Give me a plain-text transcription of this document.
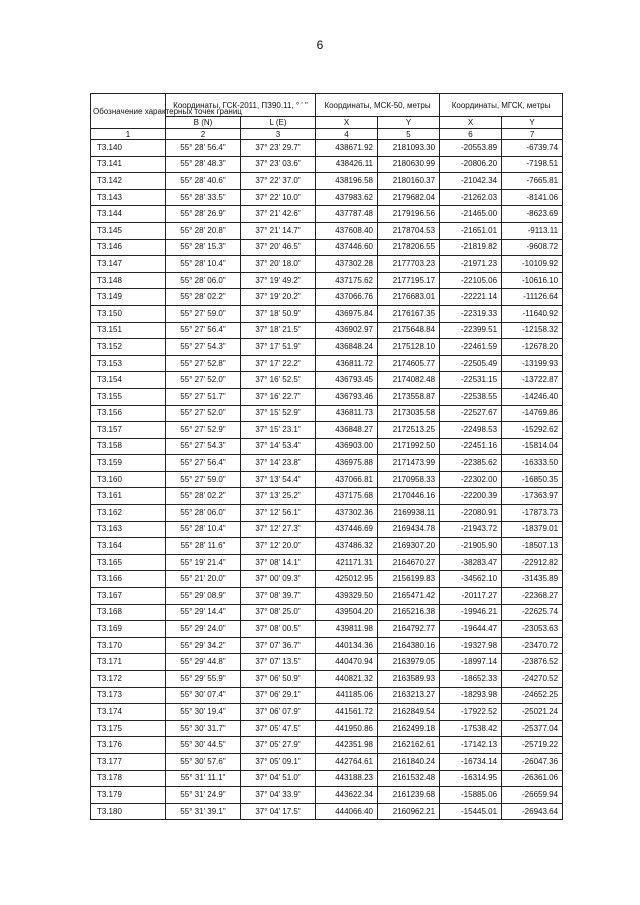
6
Обозначение характерных точек границ	Координаты, ГСК-2011, ПЗ90.11, ° ' "		Координаты, МСК-50, метры		Координаты, МГСК, метры	
	B (N)	L (E)	X	Y	X	Y
1	2	3	4	5	6	7
Т3.140	55° 28' 56.4"	37° 23' 29.7"	438671.92	2181093.30	-20553.89	-6739.74
Т3.141	55° 28' 48.3"	37° 23' 03.6"	438426.11	2180630.99	-20806.20	-7198.51
Т3.142	55° 28' 40.6"	37° 22' 37.0"	438196.58	2180160.37	-21042.34	-7665.81
Т3.143	55° 28' 33.5"	37° 22' 10.0"	437983.62	2179682.04	-21262.03	-8141.06
Т3.144	55° 28' 26.9"	37° 21' 42.6"	437787.48	2179196.56	-21465.00	-8623.69
Т3.145	55° 28' 20.8"	37° 21' 14.7"	437608.40	2178704.53	-21651.01	-9113.11
Т3.146	55° 28' 15.3"	37° 20' 46.5"	437446.60	2178206.55	-21819.82	-9608.72
Т3.147	55° 28' 10.4"	37° 20' 18.0"	437302.28	2177703.23	-21971.23	-10109.92
Т3.148	55° 28' 06.0"	37° 19' 49.2"	437175.62	2177195.17	-22105.06	-10616.10
Т3.149	55° 28' 02.2"	37° 19' 20.2"	437066.76	2176683.01	-22221.14	-11126.64
Т3.150	55° 27' 59.0"	37° 18' 50.9"	436975.84	2176167.35	-22319.33	-11640.92
Т3.151	55° 27' 56.4"	37° 18' 21.5"	436902.97	2175648.84	-22399.51	-12158.32
Т3.152	55° 27' 54.3"	37° 17' 51.9"	436848.24	2175128.10	-22461.59	-12678.20
Т3.153	55° 27' 52.8"	37° 17' 22.2"	436811.72	2174605.77	-22505.49	-13199.93
Т3.154	55° 27' 52.0"	37° 16' 52.5"	436793.45	2174082.48	-22531.15	-13722.87
Т3.155	55° 27' 51.7"	37° 16' 22.7"	436793.46	2173558.87	-22538.55	-14246.40
Т3.156	55° 27' 52.0"	37° 15' 52.9"	436811.73	2173035.58	-22527.67	-14769.86
Т3.157	55° 27' 52.9"	37° 15' 23.1"	436848.27	2172513.25	-22498.53	-15292.62
Т3.158	55° 27' 54.3"	37° 14' 53.4"	436903.00	2171992.50	-22451.16	-15814.04
Т3.159	55° 27' 56.4"	37° 14' 23.8"	436975.88	2171473.99	-22385.62	-16333.50
Т3.160	55° 27' 59.0"	37° 13' 54.4"	437066.81	2170958.33	-22302.00	-16850.35
Т3.161	55° 28' 02.2"	37° 13' 25.2"	437175.68	2170446.16	-22200.39	-17363.97
Т3.162	55° 28' 06.0"	37° 12' 56.1"	437302.36	2169938.11	-22080.91	-17873.73
Т3.163	55° 28' 10.4"	37° 12' 27.3"	437446.69	2169434.78	-21943.72	-18379.01
Т3.164	55° 28' 11.6"	37° 12' 20.0"	437486.32	2169307.20	-21905.90	-18507.13
Т3.165	55° 19' 21.4"	37° 08' 14.1"	421171.31	2164670.27	-38283.47	-22912.82
Т3.166	55° 21' 20.0"	37° 00' 09.3"	425012.95	2156199.83	-34562.10	-31435.89
Т3.167	55° 29' 08.9"	37° 08' 39.7"	439329.50	2165471.42	-20117.27	-22368.27
Т3.168	55° 29' 14.4"	37° 08' 25.0"	439504.20	2165216.38	-19946.21	-22625.74
Т3.169	55° 29' 24.0"	37° 08' 00.5"	439811.98	2164792.77	-19644.47	-23053.63
Т3.170	55° 29' 34.2"	37° 07' 36.7"	440134.36	2164380.16	-19327.98	-23470.72
Т3.171	55° 29' 44.8"	37° 07' 13.5"	440470.94	2163979.05	-18997.14	-23876.52
Т3.172	55° 29' 55.9"	37° 06' 50.9"	440821.32	2163589.93	-18652.33	-24270.52
Т3.173	55° 30' 07.4"	37° 06' 29.1"	441185.06	2163213.27	-18293.98	-24652.25
Т3.174	55° 30' 19.4"	37° 06' 07.9"	441561.72	2162849.54	-17922.52	-25021.24
Т3.175	55° 30' 31.7"	37° 05' 47.5"	441950.86	2162499.18	-17538.42	-25377.04
Т3.176	55° 30' 44.5"	37° 05' 27.9"	442351.98	2162162.61	-17142.13	-25719.22
Т3.177	55° 30' 57.6"	37° 05' 09.1"	442764.61	2161840.24	-16734.14	-26047.36
Т3.178	55° 31' 11.1"	37° 04' 51.0"	443188.23	2161532.48	-16314.95	-26361.06
Т3.179	55° 31' 24.9"	37° 04' 33.9"	443622.34	2161239.68	-15885.06	-26659.94
Т3.180	55° 31' 39.1"	37° 04' 17.5"	444066.40	2160962.21	-15445.01	-26943.64
